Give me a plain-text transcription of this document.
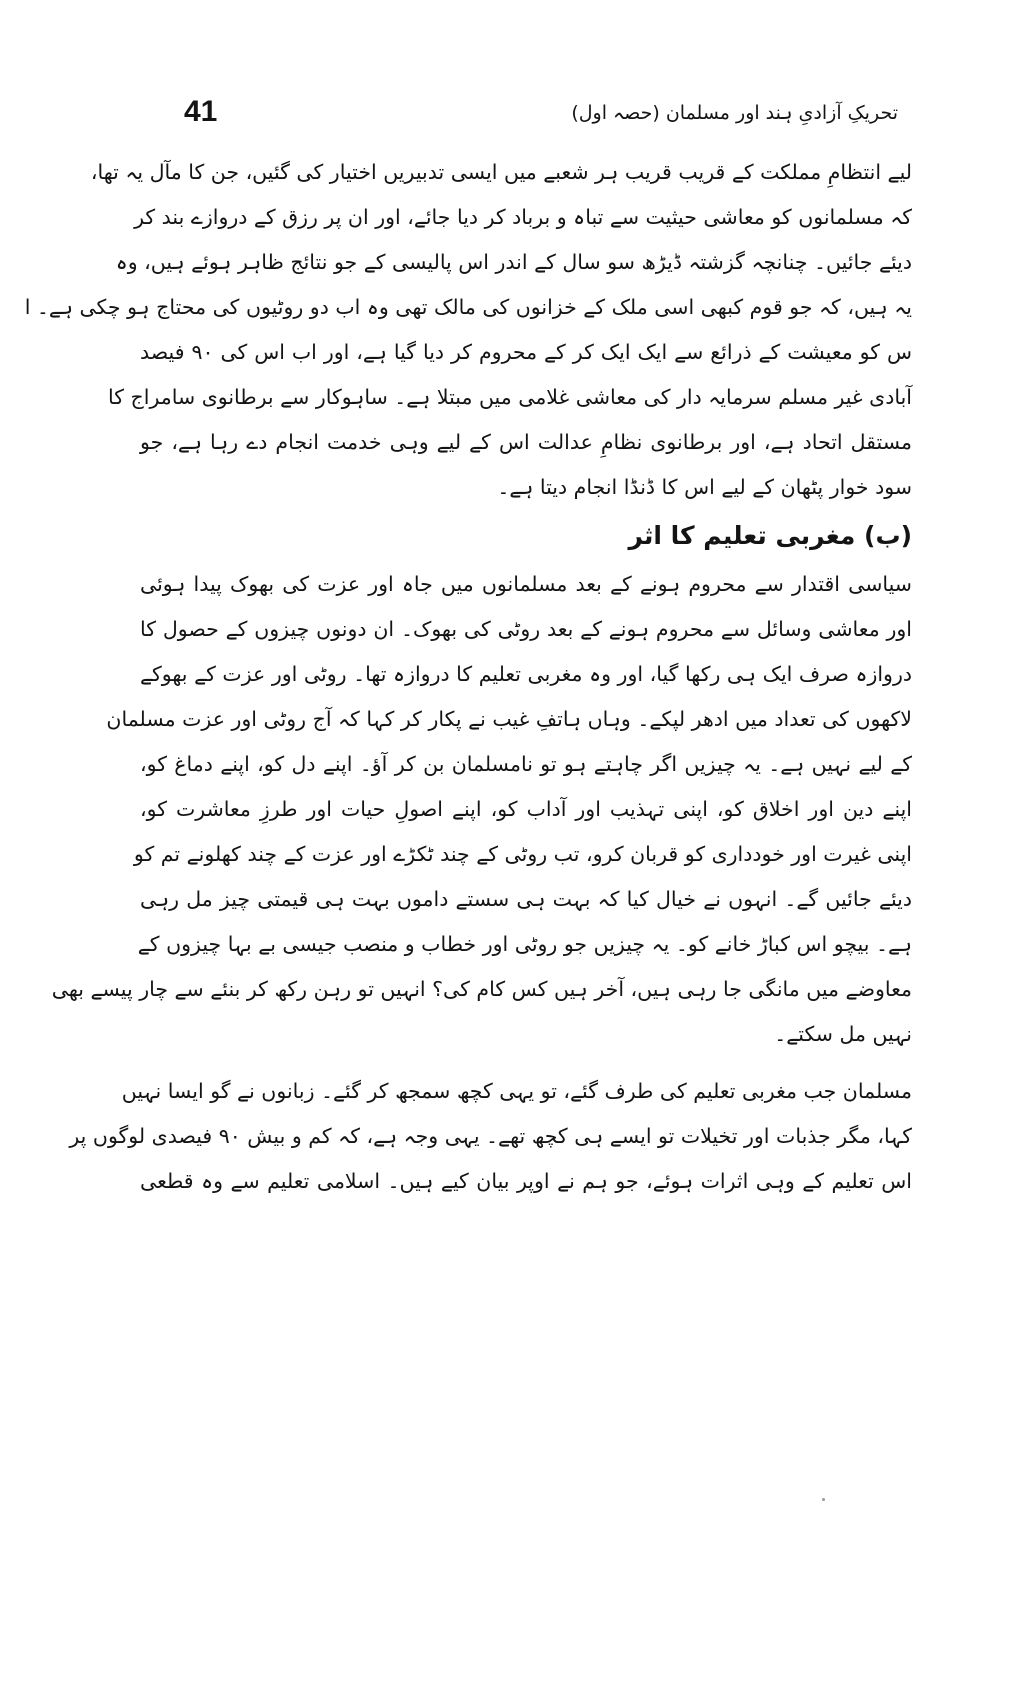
41	تحریکِ آزادیِ ہند اور مسلمان (حصہ اول)
لیے انتظامِ مملکت کے قریب قریب ہر شعبے میں ایسی تدبیریں اختیار کی گئیں، جن کا مآل یہ تھا،
کہ مسلمانوں کو معاشی حیثیت سے تباہ و برباد کر دیا جائے، اور ان پر رزق کے دروازے بند کر
دیئے جائیں۔ چنانچہ گزشتہ ڈیڑھ سو سال کے اندر اس پالیسی کے جو نتائج ظاہر ہوئے ہیں، وہ
یہ ہیں، کہ جو قوم کبھی اسی ملک کے خزانوں کی مالک تھی وہ اب دو روٹیوں کی محتاج ہو چکی ہے۔ ا
س کو معیشت کے ذرائع سے ایک ایک کر کے محروم کر دیا گیا ہے، اور اب اس کی ۹۰ فیصد
آبادی غیر مسلم سرمایہ دار کی معاشی غلامی میں مبتلا ہے۔ ساہوکار سے برطانوی سامراج کا
مستقل اتحاد ہے، اور برطانوی نظامِ عدالت اس کے لیے وہی خدمت انجام دے رہا ہے، جو
سود خوار پٹھان کے لیے اس کا ڈنڈا انجام دیتا ہے۔
(ب) مغربی تعلیم کا اثر
سیاسی اقتدار سے محروم ہونے کے بعد مسلمانوں میں جاہ اور عزت کی بھوک پیدا ہوئی
اور معاشی وسائل سے محروم ہونے کے بعد روٹی کی بھوک۔ ان دونوں چیزوں کے حصول کا
دروازہ صرف ایک ہی رکھا گیا، اور وہ مغربی تعلیم کا دروازہ تھا۔ روٹی اور عزت کے بھوکے
لاکھوں کی تعداد میں ادھر لپکے۔ وہاں ہاتفِ غیب نے پکار کر کہا کہ آج روٹی اور عزت مسلمان
کے لیے نہیں ہے۔ یہ چیزیں اگر چاہتے ہو تو نامسلمان بن کر آؤ۔ اپنے دل کو، اپنے دماغ کو،
اپنے دین اور اخلاق کو، اپنی تہذیب اور آداب کو، اپنے اصولِ حیات اور طرزِ معاشرت کو،
اپنی غیرت اور خودداری کو قربان کرو، تب روٹی کے چند ٹکڑے اور عزت کے چند کھلونے تم کو
دیئے جائیں گے۔ انہوں نے خیال کیا کہ بہت ہی سستے داموں بہت ہی قیمتی چیز مل رہی
ہے۔ بیچو اس کباڑ خانے کو۔ یہ چیزیں جو روٹی اور خطاب و منصب جیسی بے بہا چیزوں کے
معاوضے میں مانگی جا رہی ہیں، آخر ہیں کس کام کی؟ انہیں تو رہن رکھ کر بنئے سے چار پیسے بھی
نہیں مل سکتے۔
مسلمان جب مغربی تعلیم کی طرف گئے، تو یہی کچھ سمجھ کر گئے۔ زبانوں نے گو ایسا نہیں
کہا، مگر جذبات اور تخیلات تو ایسے ہی کچھ تھے۔ یہی وجہ ہے، کہ کم و بیش ۹۰ فیصدی لوگوں پر
اس تعلیم کے وہی اثرات ہوئے، جو ہم نے اوپر بیان کیے ہیں۔ اسلامی تعلیم سے وہ قطعی
